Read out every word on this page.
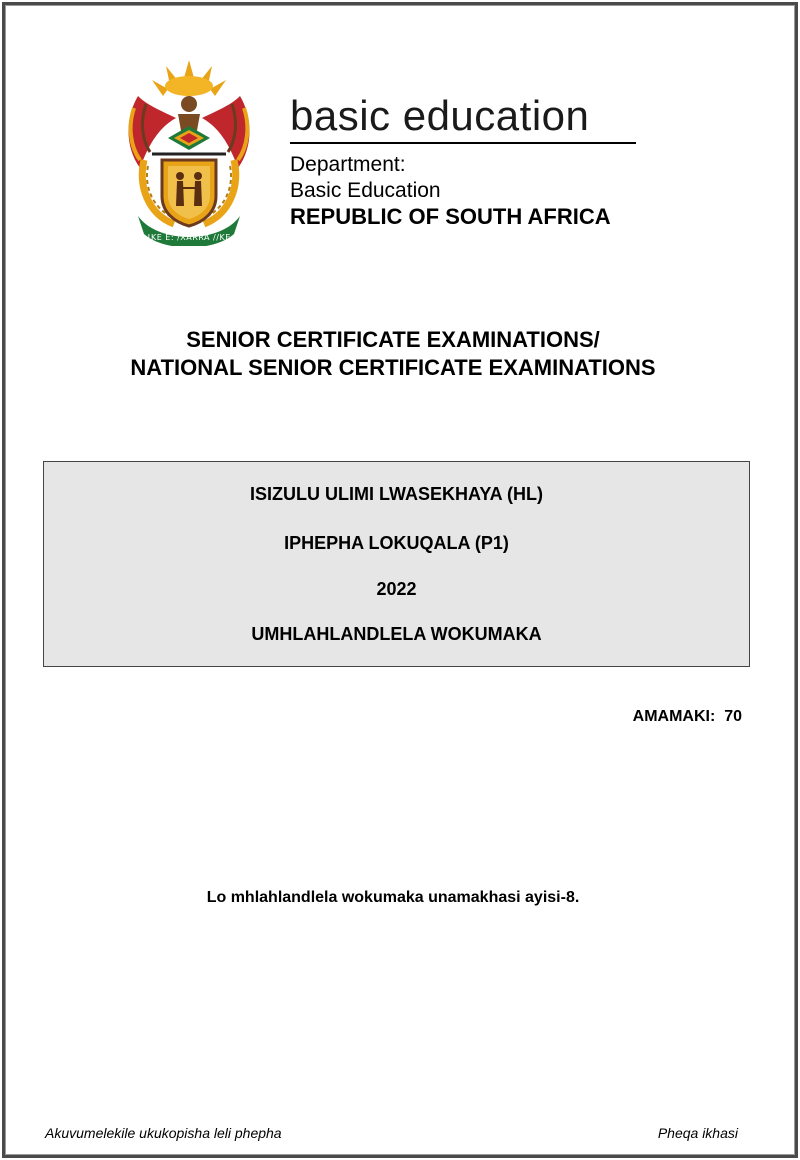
!KE E: /XARRA //KE
basic education
Department:
Basic Education
REPUBLIC OF SOUTH AFRICA
SENIOR CERTIFICATE EXAMINATIONS/
NATIONAL SENIOR CERTIFICATE EXAMINATIONS
ISIZULU ULIMI LWASEKHAYA (HL)
IPHEPHA LOKUQALA (P1)
2022
UMHLAHLANDLELA WOKUMAKA
AMAMAKI:  70
Lo mhlahlandlela wokumaka unamakhasi ayisi-8.
Akuvumelekile ukukopisha leli phepha	Pheqa ikhasi
